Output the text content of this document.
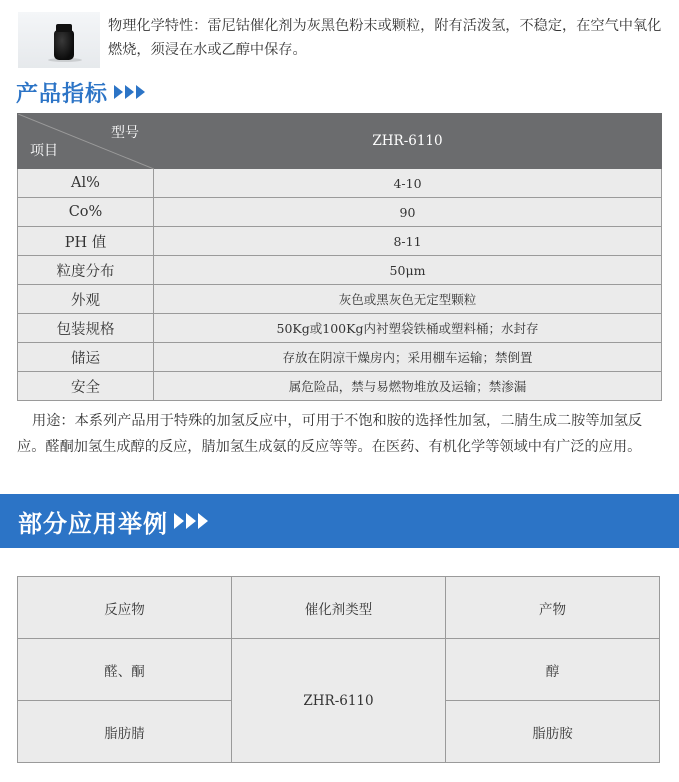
物理化学特性：雷尼钴催化剂为灰黑色粉末或颗粒，附有活泼氢，不稳定，在空气中氧化燃烧，须浸在水或乙醇中保存。

产品指标
型号
项目	ZHR-6110
Al%	4-10
Co%	90
PH 值	8-11
粒度分布	50μm
外观	灰色或黑灰色无定型颗粒
包装规格	50Kg或100Kg内衬塑袋铁桶或塑料桶；水封存
储运	存放在阴凉干燥房内；采用棚车运输；禁倒置
安全	属危险品，禁与易燃物堆放及运输；禁渗漏

用途：本系列产品用于特殊的加氢反应中，可用于不饱和胺的选择性加氢，二腈生成二胺等加氢反应。醛酮加氢生成醇的反应，腈加氢生成氨的反应等等。在医药、有机化学等领域中有广泛的应用。

部分应用举例
反应物	催化剂类型	产物
醛、酮	ZHR-6110	醇
脂肪腈		脂肪胺
